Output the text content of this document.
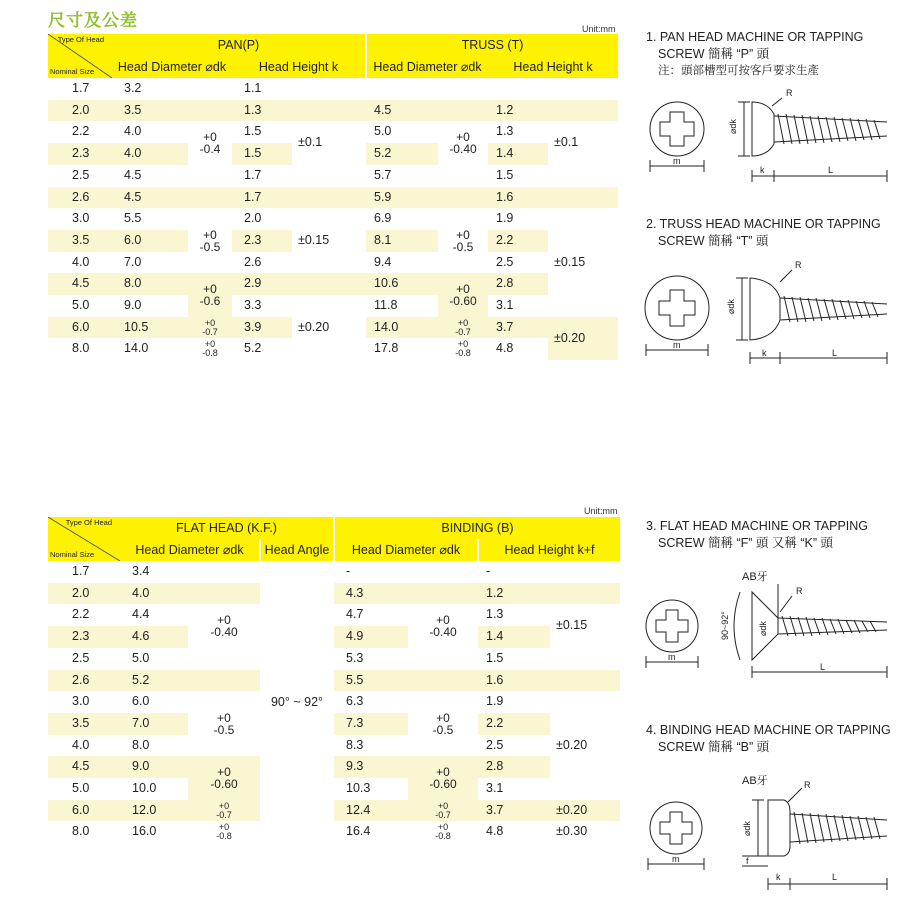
尺寸及公差	Unit:mm
Unit:mm
Type Of Head
Nominal Size	PAN(P)				TRUSS (T)			
	Head Diameter ⌀dk		Head Height k		Head Diameter ⌀dk		Head Height k	
1.7	3.2		1.1					
2.0	3.5		1.3		4.5		1.2	
2.2	4.0	+0
-0.4	1.5	±0.1	5.0	+0
-0.40	1.3	±0.1
2.3	4.0		1.5		5.2		1.4	
2.5	4.5		1.7		5.7		1.5	
2.6	4.5		1.7		5.9		1.6	
3.0	5.5	+0
-0.5	2.0	±0.15	6.9	+0
-0.5	1.9	±0.15
3.5	6.0		2.3		8.1		2.2	
4.0	7.0		2.6		9.4		2.5	
4.5	8.0	+0
-0.6	2.9		10.6	+0
-0.60	2.8	
5.0	9.0		3.3	±0.20	11.8		3.1	
6.0	10.5	+0
-0.7	3.9		14.0	+0
-0.7	3.7	±0.20
8.0	14.0	+0
-0.8	5.2		17.8	+0
-0.8	4.8	
Type Of Head
Nominal Size	FLAT HEAD (K.F.)			BINDING (B)			
	Head Diameter ⌀dk		Head Angle	Head Diameter ⌀dk		Head Height k+f	
1.7	3.4		90° ~ 92°	-		-	
2.0	4.0			4.3		1.2	
2.2	4.4	+0
-0.40		4.7	+0
-0.40	1.3	±0.15
2.3	4.6			4.9		1.4	
2.5	5.0			5.3		1.5	
2.6	5.2			5.5		1.6	
3.0	6.0	+0
-0.5		6.3	+0
-0.5	1.9	±0.20
3.5	7.0			7.3		2.2	
4.0	8.0			8.3		2.5	
4.5	9.0	+0
-0.60		9.3	+0
-0.60	2.8	
5.0	10.0			10.3		3.1	
6.0	12.0	+0
-0.7		12.4	+0
-0.7	3.7	±0.20
8.0	16.0	+0
-0.8		16.4	+0
-0.8	4.8	±0.30
1. PAN HEAD MACHINE OR TAPPING
SCREW 簡稱 “P” 頭
注：頭部槽型可按客戶要求生產
R
⌀dk
m
k	L
2. TRUSS HEAD MACHINE OR TAPPING
SCREW 簡稱 “T” 頭
R
⌀dk
m
k	L
3. FLAT HEAD MACHINE OR TAPPING
SCREW 簡稱 “F” 頭 又稱 “K” 頭
AB牙
R
⌀dk
90~92°
m
L
4. BINDING HEAD MACHINE OR TAPPING
SCREW 簡稱 “B” 頭
AB牙	R
⌀dk
m	f
k	L
